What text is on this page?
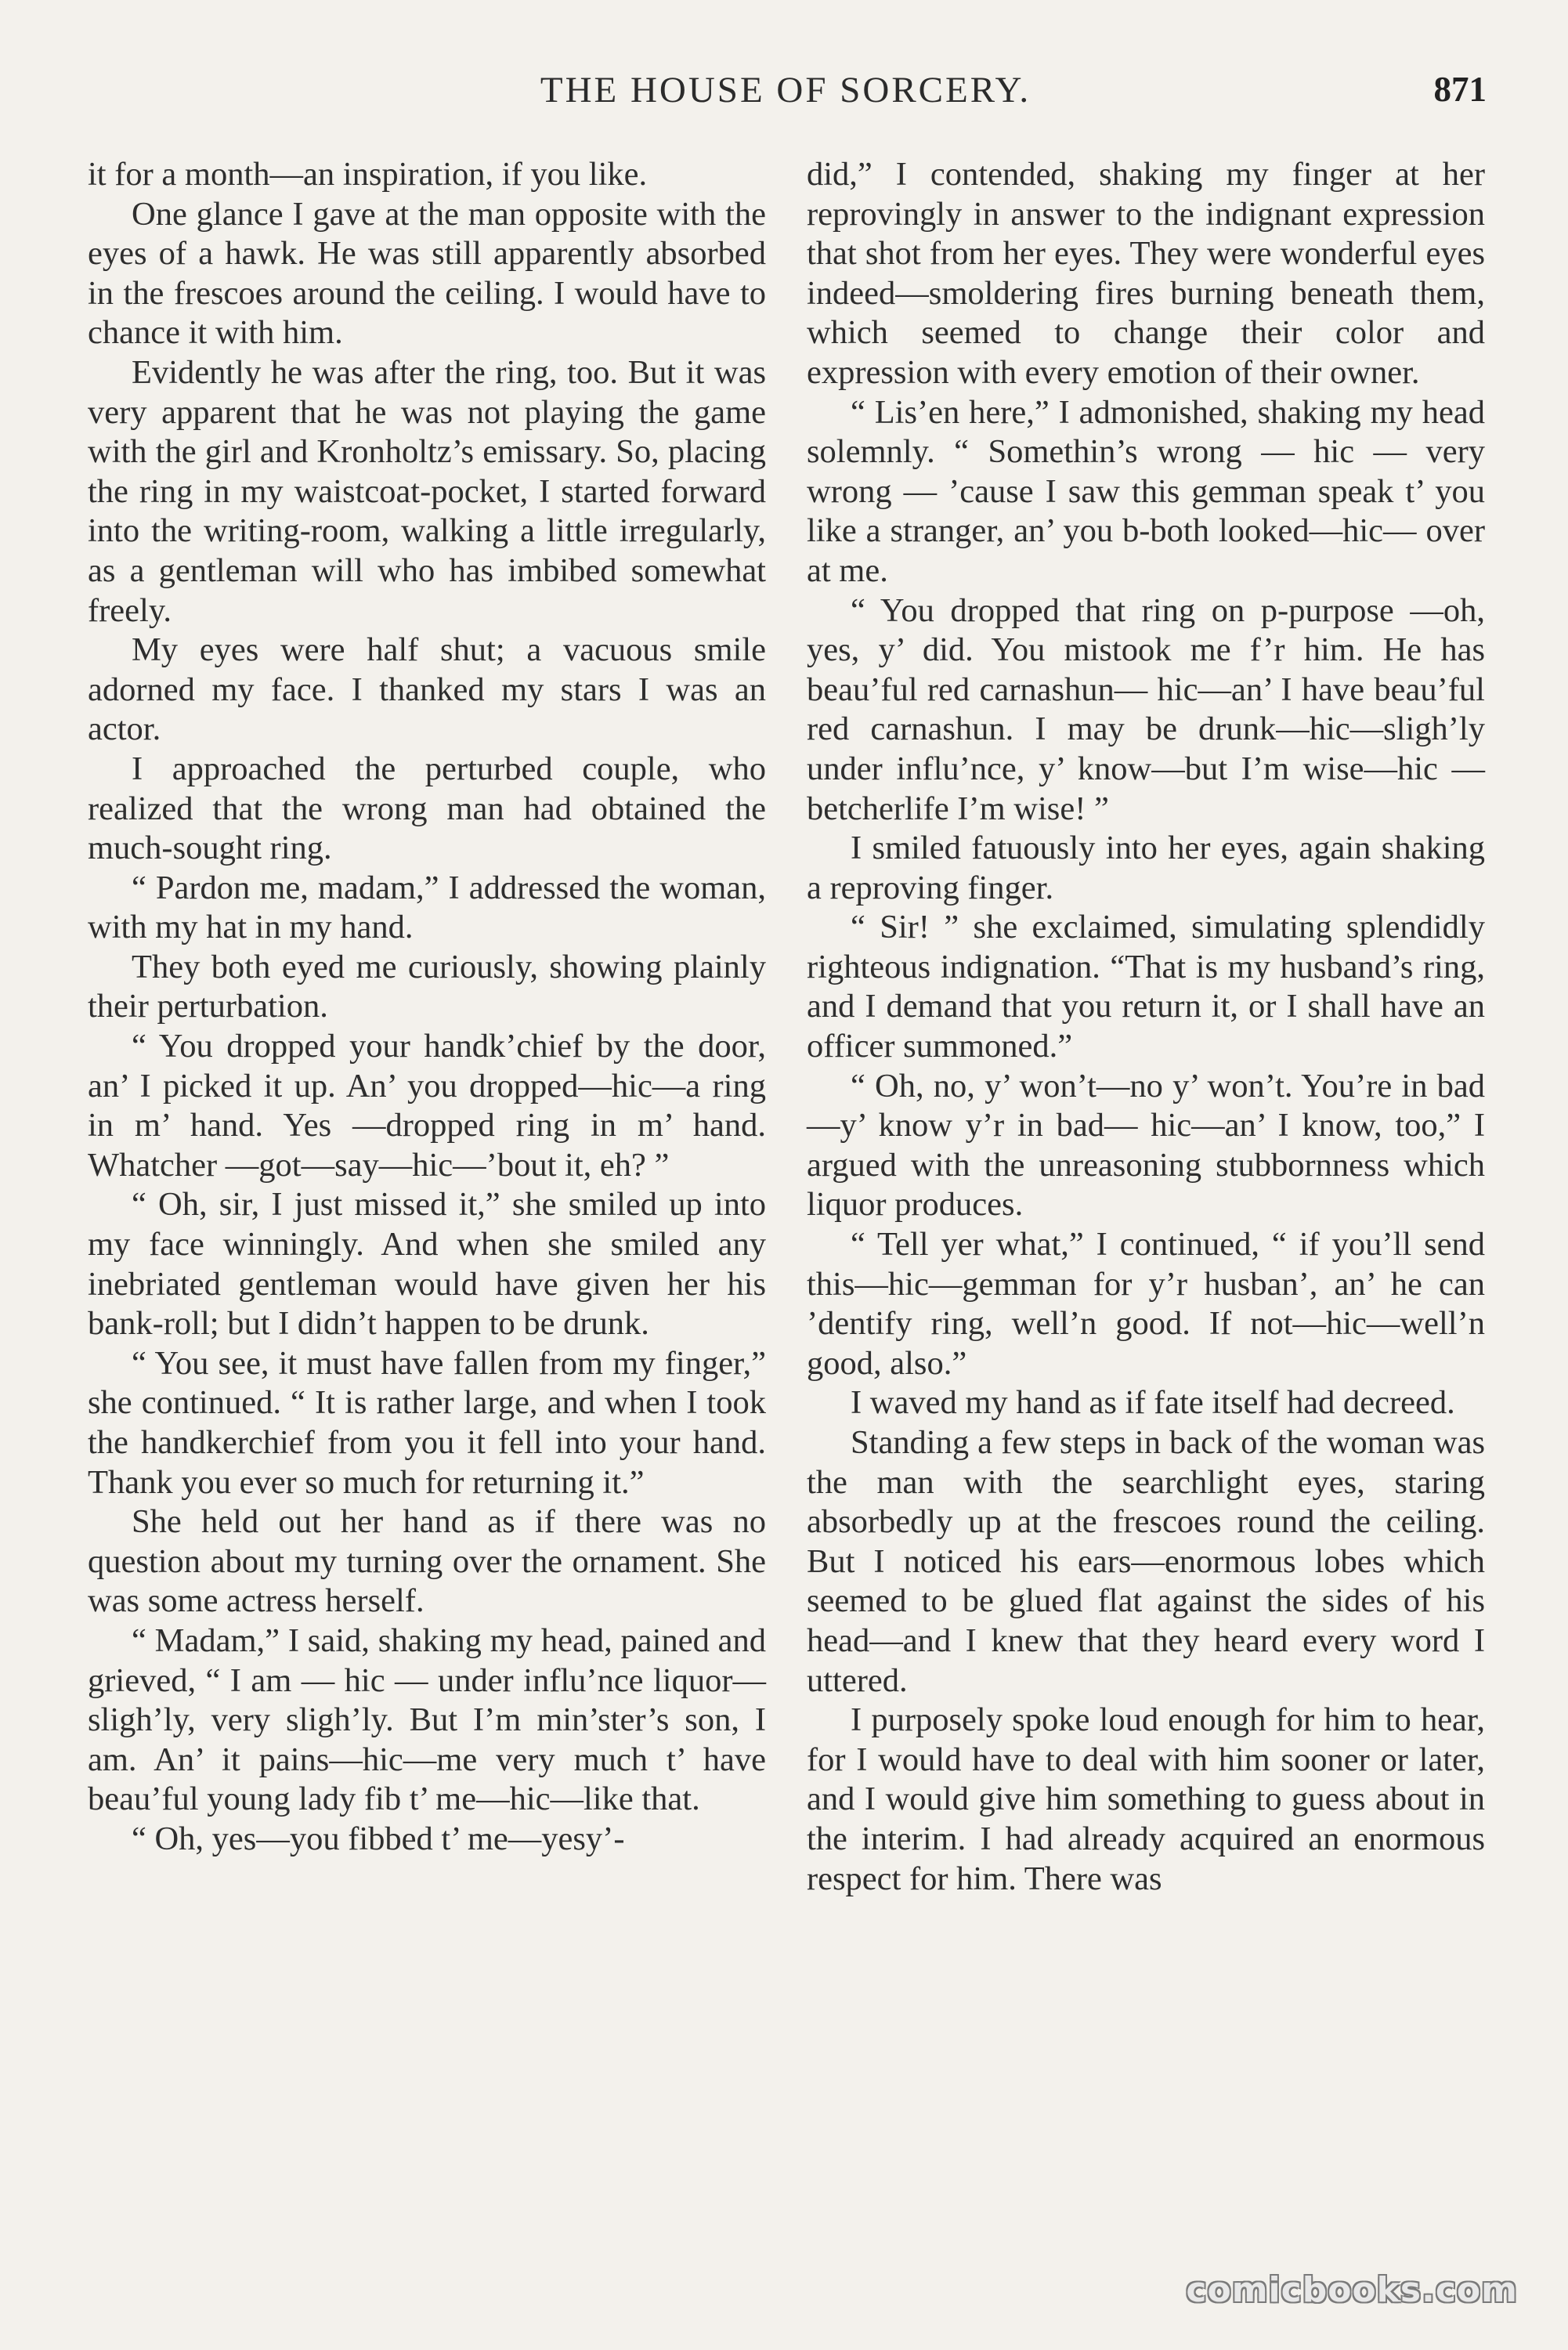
THE HOUSE OF SORCERY.	871

it for a month—an inspiration, if you like.

One glance I gave at the man opposite with the eyes of a hawk. He was still apparently absorbed in the frescoes around the ceiling. I would have to chance it with him.

Evidently he was after the ring, too. But it was very apparent that he was not playing the game with the girl and Kronholtz’s emissary. So, placing the ring in my waistcoat-pocket, I started forward into the writing-room, walking a little irregularly, as a gentleman will who has imbibed somewhat freely.

My eyes were half shut; a vacuous smile adorned my face. I thanked my stars I was an actor.

I approached the perturbed couple, who realized that the wrong man had obtained the much-sought ring.

“ Pardon me, madam,” I addressed the woman, with my hat in my hand.

They both eyed me curiously, showing plainly their perturbation.

“ You dropped your handk’chief by the door, an’ I picked it up. An’ you dropped—hic—a ring in m’ hand. Yes —dropped ring in m’ hand. Whatcher —got—say—hic—’bout it, eh? ”

“ Oh, sir, I just missed it,” she smiled up into my face winningly. And when she smiled any inebriated gentleman would have given her his bank-roll; but I didn’t happen to be drunk.

“ You see, it must have fallen from my finger,” she continued. “ It is rather large, and when I took the handkerchief from you it fell into your hand. Thank you ever so much for returning it.”

She held out her hand as if there was no question about my turning over the ornament. She was some actress herself.

“ Madam,” I said, shaking my head, pained and grieved, “ I am — hic — under influ’nce liquor—sligh’ly, very sligh’ly. But I’m min’ster’s son, I am. An’ it pains—hic—me very much t’ have beau’ful young lady fib t’ me—hic—like that.

“ Oh, yes—you fibbed t’ me—yesy’-

did,” I contended, shaking my finger at her reprovingly in answer to the indignant expression that shot from her eyes. They were wonderful eyes indeed—smoldering fires burning beneath them, which seemed to change their color and expression with every emotion of their owner.

“ Lis’en here,” I admonished, shaking my head solemnly. “ Somethin’s wrong — hic — very wrong — ’cause I saw this gemman speak t’ you like a stranger, an’ you b-both looked—hic— over at me.

“ You dropped that ring on p-purpose —oh, yes, y’ did. You mistook me f’r him. He has beau’ful red carnashun— hic—an’ I have beau’ful red carnashun. I may be drunk—hic—sligh’ly under influ’nce, y’ know—but I’m wise—hic —betcherlife I’m wise! ”

I smiled fatuously into her eyes, again shaking a reproving finger.

“ Sir! ” she exclaimed, simulating splendidly righteous indignation. “That is my husband’s ring, and I demand that you return it, or I shall have an officer summoned.”

“ Oh, no, y’ won’t—no y’ won’t. You’re in bad—y’ know y’r in bad— hic—an’ I know, too,” I argued with the unreasoning stubbornness which liquor produces.

“ Tell yer what,” I continued, “ if you’ll send this—hic—gemman for y’r husban’, an’ he can ’dentify ring, well’n good. If not—hic—well’n good, also.”

I waved my hand as if fate itself had decreed.

Standing a few steps in back of the woman was the man with the searchlight eyes, staring absorbedly up at the frescoes round the ceiling. But I noticed his ears—enormous lobes which seemed to be glued flat against the sides of his head—and I knew that they heard every word I uttered.

I purposely spoke loud enough for him to hear, for I would have to deal with him sooner or later, and I would give him something to guess about in the interim. I had already acquired an enormous respect for him. There was

comicbooks.com
